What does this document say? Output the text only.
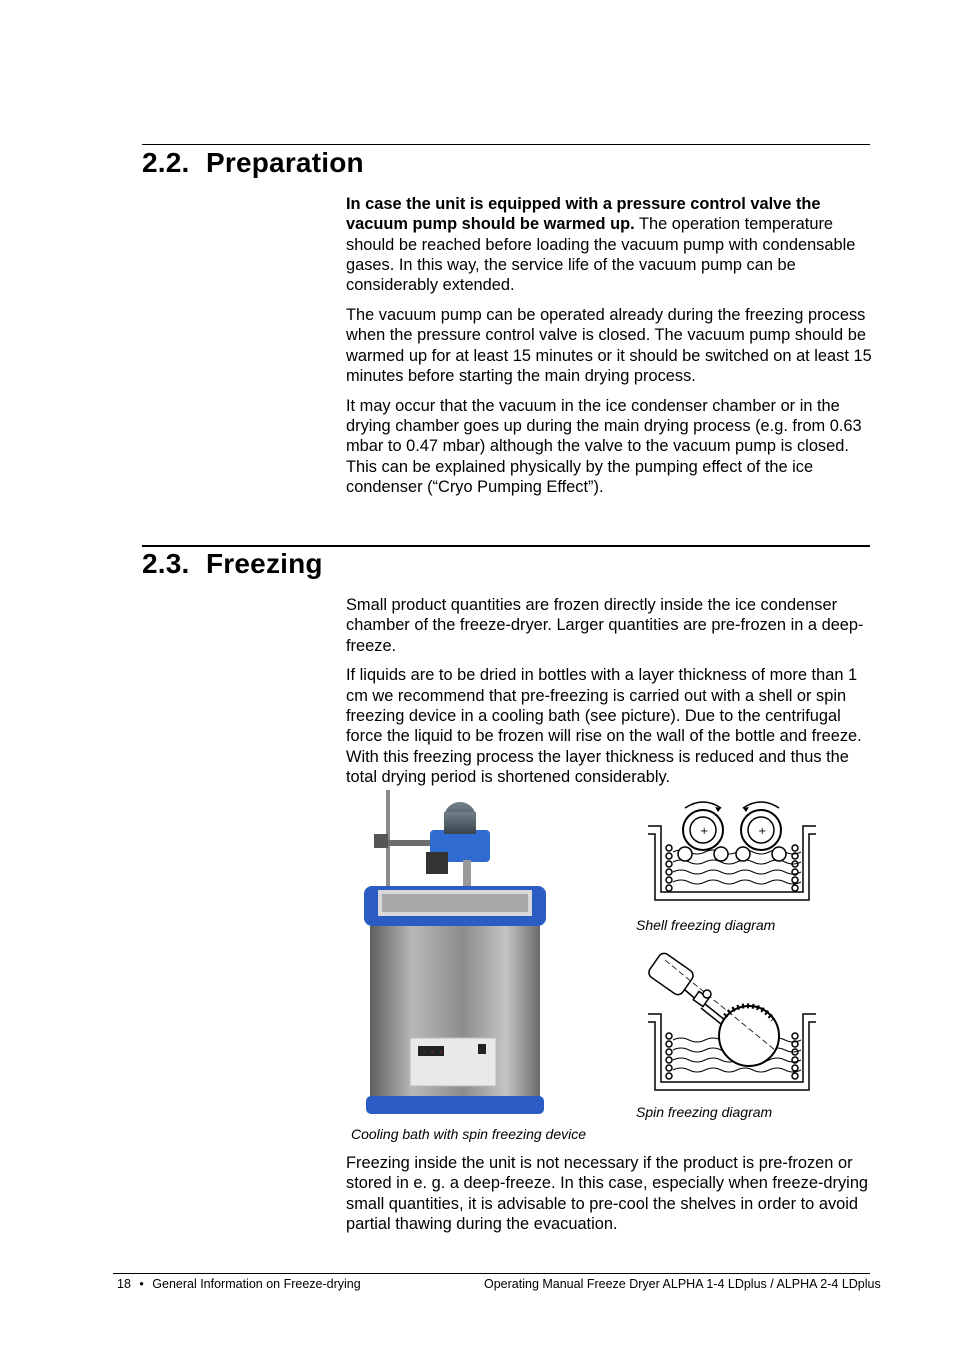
2.2. Preparation

In case the unit is equipped with a pressure control valve the vacuum pump should be warmed up. The operation temperature should be reached before loading the vacuum pump with condensable gases. In this way, the service life of the vacuum pump can be considerably extended.

The vacuum pump can be operated already during the freezing process when the pressure control valve is closed. The vacuum pump should be warmed up for at least 15 minutes or it should be switched on at least 15 minutes before starting the main drying process.

It may occur that the vacuum in the ice condenser chamber or in the drying chamber goes up during the main drying process (e.g. from 0.63 mbar to 0.47 mbar) although the valve to the vacuum pump is closed. This can be explained physically by the pumping effect of the ice condenser (“Cryo Pumping Effect”).

2.3. Freezing

Small product quantities are frozen directly inside the ice condenser chamber of the freeze-dryer. Larger quantities are pre-frozen in a deep-freeze.

If liquids are to be dried in bottles with a layer thickness of more than 1 cm we recommend that pre-freezing is carried out with a shell or spin freezing device in a cooling bath (see picture). Due to the centrifugal force the liquid to be frozen will rise on the wall of the bottle and freeze. With this freezing process the layer thickness is reduced and thus the total drying period is shortened considerably.

- - -
Cooling bath with spin freezing device
+	+
Shell freezing diagram
Spin freezing diagram

Freezing inside the unit is not necessary if the product is pre-frozen or stored in e. g. a deep-freeze. In this case, especially when freeze-drying small quantities, it is advisable to pre-cool the shelves in order to avoid partial thawing during the evacuation.

18 • General Information on Freeze-drying	Operating Manual Freeze Dryer ALPHA 1-4 LDplus / ALPHA 2-4 LDplus
